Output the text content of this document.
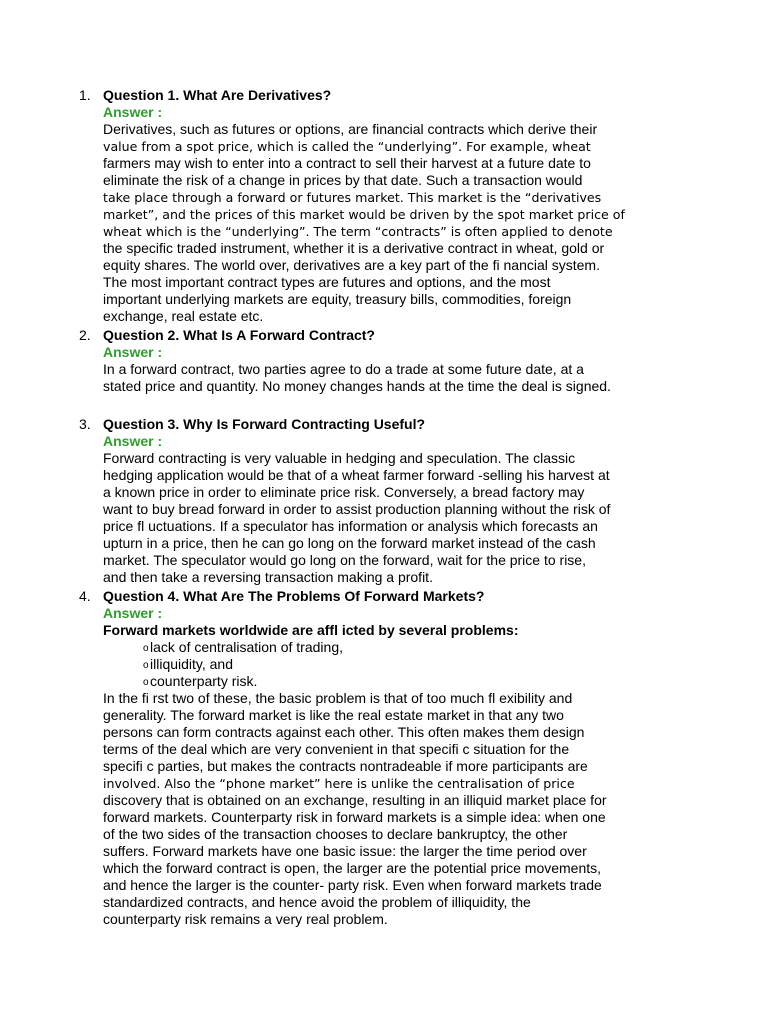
1. Question 1. What Are Derivatives?
Answer :
Derivatives, such as futures or options, are financial contracts which derive their
value from a spot price, which is called the “underlying”. For example, wheat
farmers may wish to enter into a contract to sell their harvest at a future date to
eliminate the risk of a change in prices by that date. Such a transaction would
take place through a forward or futures market. This market is the “derivatives
market”, and the prices of this market would be driven by the spot market price of
wheat which is the “underlying”. The term “contracts” is often applied to denote
the specific traded instrument, whether it is a derivative contract in wheat, gold or
equity shares. The world over, derivatives are a key part of the fi nancial system.
The most important contract types are futures and options, and the most
important underlying markets are equity, treasury bills, commodities, foreign
exchange, real estate etc.
2. Question 2. What Is A Forward Contract?
Answer :
In a forward contract, two parties agree to do a trade at some future date, at a
stated price and quantity. No money changes hands at the time the deal is signed.
3. Question 3. Why Is Forward Contracting Useful?
Answer :
Forward contracting is very valuable in hedging and speculation. The classic
hedging application would be that of a wheat farmer forward -selling his harvest at
a known price in order to eliminate price risk. Conversely, a bread factory may
want to buy bread forward in order to assist production planning without the risk of
price fl uctuations. If a speculator has information or analysis which forecasts an
upturn in a price, then he can go long on the forward market instead of the cash
market. The speculator would go long on the forward, wait for the price to rise,
and then take a reversing transaction making a profit.
4. Question 4. What Are The Problems Of Forward Markets?
Answer :
Forward markets worldwide are affl icted by several problems:
o lack of centralisation of trading,
o illiquidity, and
o counterparty risk.
In the fi rst two of these, the basic problem is that of too much fl exibility and
generality. The forward market is like the real estate market in that any two
persons can form contracts against each other. This often makes them design
terms of the deal which are very convenient in that specifi c situation for the
specifi c parties, but makes the contracts nontradeable if more participants are
involved. Also the “phone market” here is unlike the centralisation of price
discovery that is obtained on an exchange, resulting in an illiquid market place for
forward markets. Counterparty risk in forward markets is a simple idea: when one
of the two sides of the transaction chooses to declare bankruptcy, the other
suffers. Forward markets have one basic issue: the larger the time period over
which the forward contract is open, the larger are the potential price movements,
and hence the larger is the counter- party risk. Even when forward markets trade
standardized contracts, and hence avoid the problem of illiquidity, the
counterparty risk remains a very real problem.
